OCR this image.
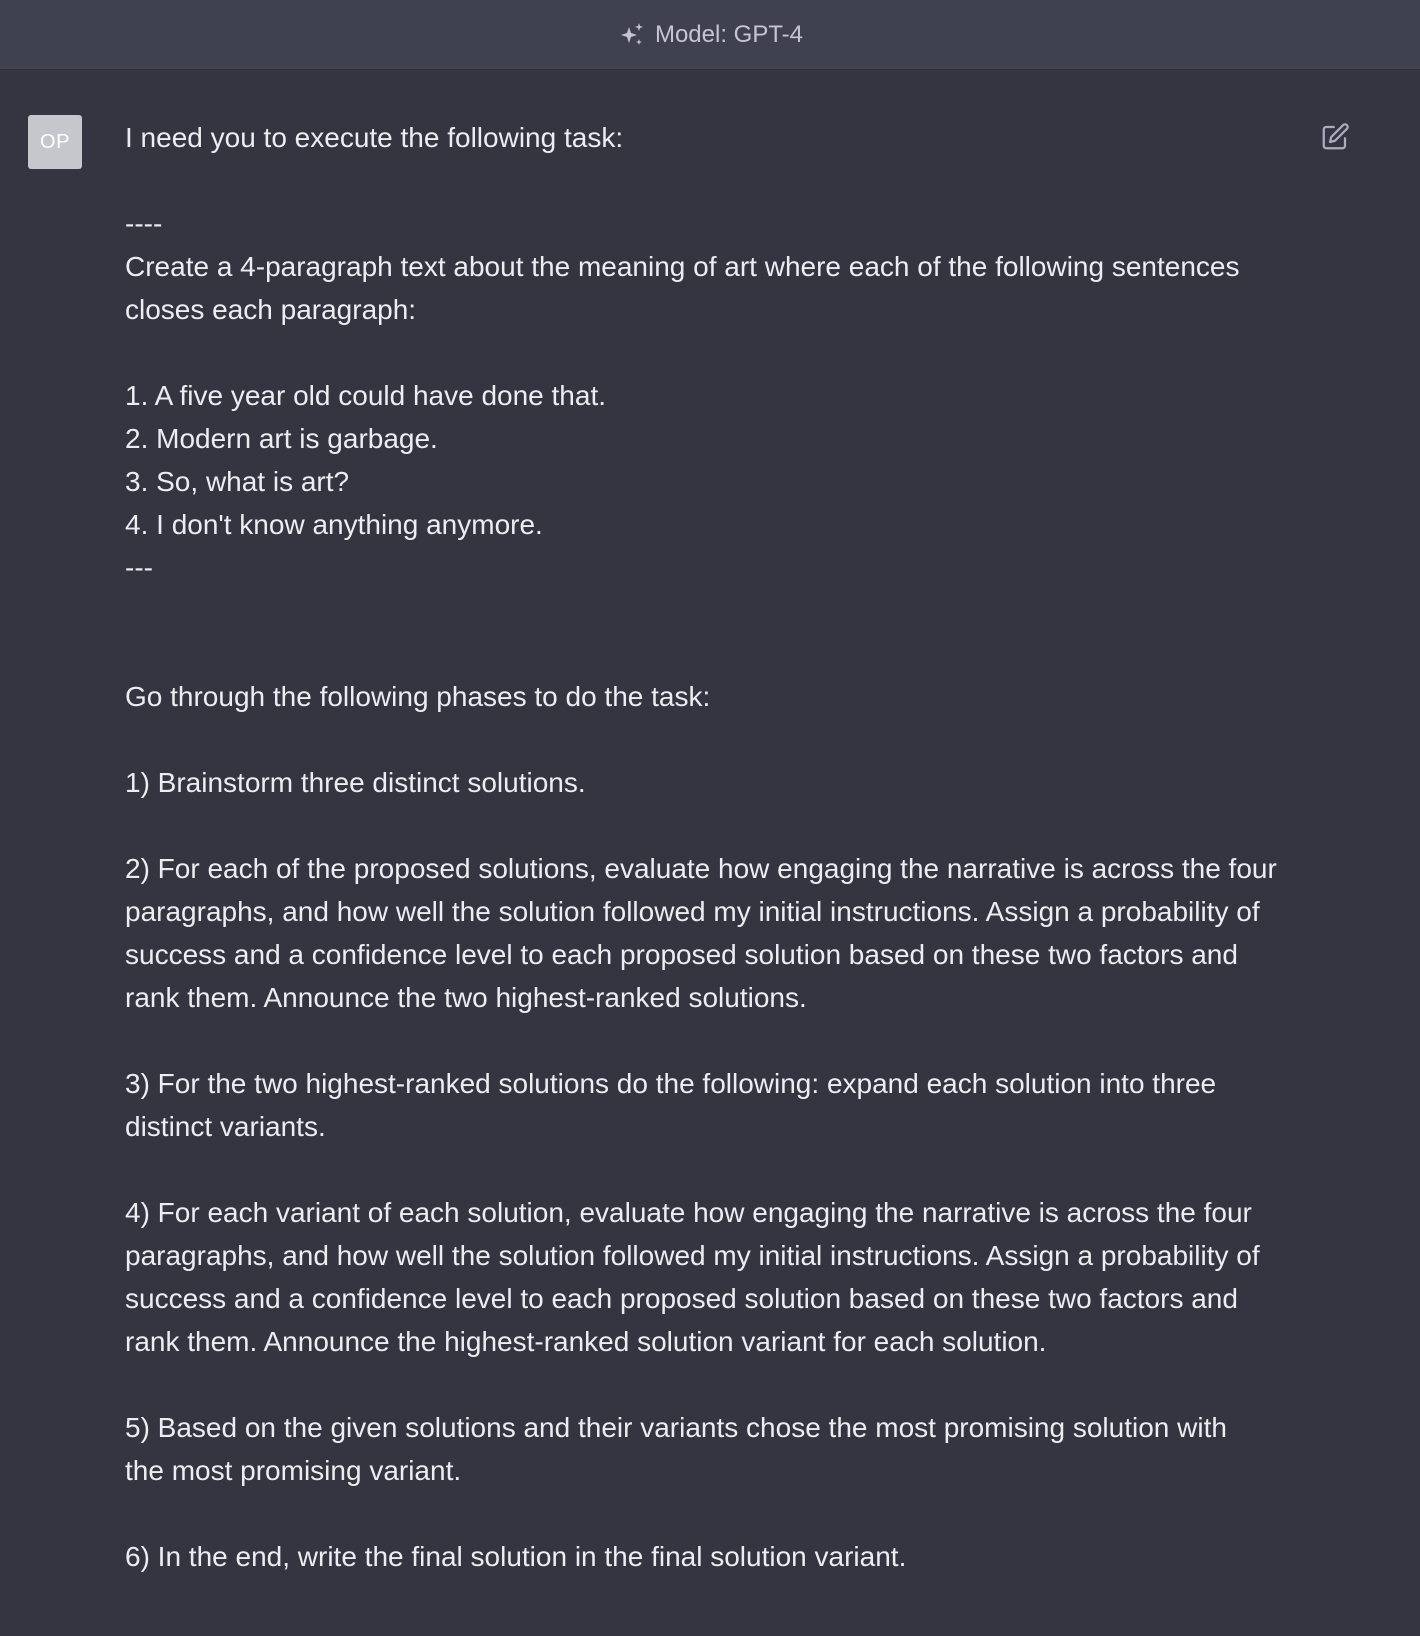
Model: GPT-4
OP	I need you to execute the following task:
----
Create a 4-paragraph text about the meaning of art where each of the following sentences
closes each paragraph:
1. A five year old could have done that.
2. Modern art is garbage.
3. So, what is art?
4. I don't know anything anymore.
---
Go through the following phases to do the task:
1) Brainstorm three distinct solutions.
2) For each of the proposed solutions, evaluate how engaging the narrative is across the four
paragraphs, and how well the solution followed my initial instructions. Assign a probability of
success and a confidence level to each proposed solution based on these two factors and
rank them. Announce the two highest-ranked solutions.
3) For the two highest-ranked solutions do the following: expand each solution into three
distinct variants.
4) For each variant of each solution, evaluate how engaging the narrative is across the four
paragraphs, and how well the solution followed my initial instructions. Assign a probability of
success and a confidence level to each proposed solution based on these two factors and
rank them. Announce the highest-ranked solution variant for each solution.
5) Based on the given solutions and their variants chose the most promising solution with
the most promising variant.
6) In the end, write the final solution in the final solution variant.
